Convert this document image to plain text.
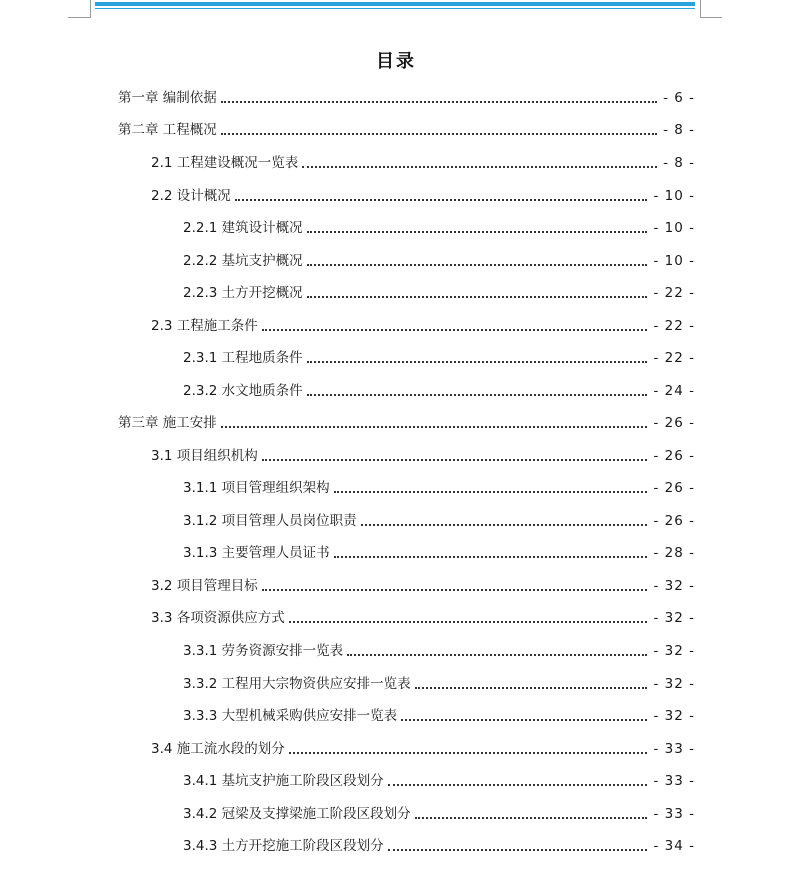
目录
第一章 编制依据	- 6 -
第二章 工程概况	- 8 -
2.1 工程建设概况一览表	- 8 -
2.2 设计概况	- 10 -
2.2.1 建筑设计概况	- 10 -
2.2.2 基坑支护概况	- 10 -
2.2.3 土方开挖概况	- 22 -
2.3 工程施工条件	- 22 -
2.3.1 工程地质条件	- 22 -
2.3.2 水文地质条件	- 24 -
第三章 施工安排	- 26 -
3.1 项目组织机构	- 26 -
3.1.1 项目管理组织架构	- 26 -
3.1.2 项目管理人员岗位职责	- 26 -
3.1.3 主要管理人员证书	- 28 -
3.2 项目管理目标	- 32 -
3.3 各项资源供应方式	- 32 -
3.3.1 劳务资源安排一览表	- 32 -
3.3.2 工程用大宗物资供应安排一览表	- 32 -
3.3.3 大型机械采购供应安排一览表	- 32 -
3.4 施工流水段的划分	- 33 -
3.4.1 基坑支护施工阶段区段划分	- 33 -
3.4.2 冠梁及支撑梁施工阶段区段划分	- 33 -
3.4.3 土方开挖施工阶段区段划分	- 34 -
